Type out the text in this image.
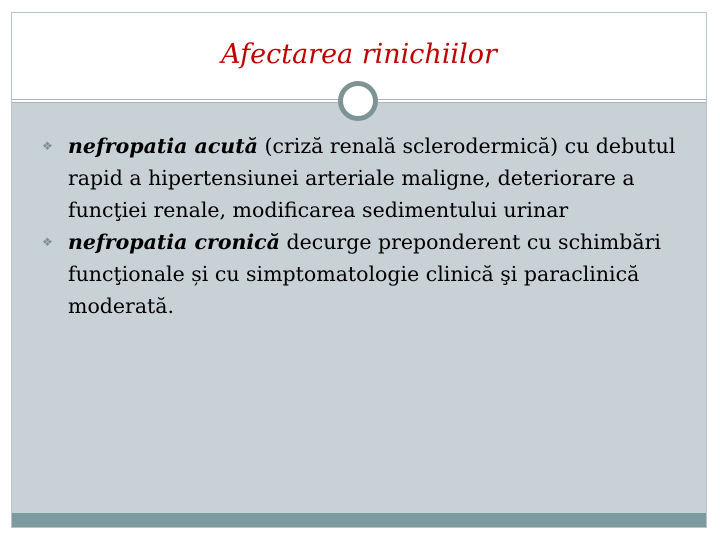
Afectarea rinichiilor

❖ nefropatia acută (criză renală sclerodermică) cu debutul rapid a hipertensiunei arteriale maligne, deteriorare a funcţiei renale, modificarea sedimentului urinar

❖ nefropatia cronică decurge preponderent cu schimbări funcţionale și cu simptomatologie clinică şi paraclinică moderată.
